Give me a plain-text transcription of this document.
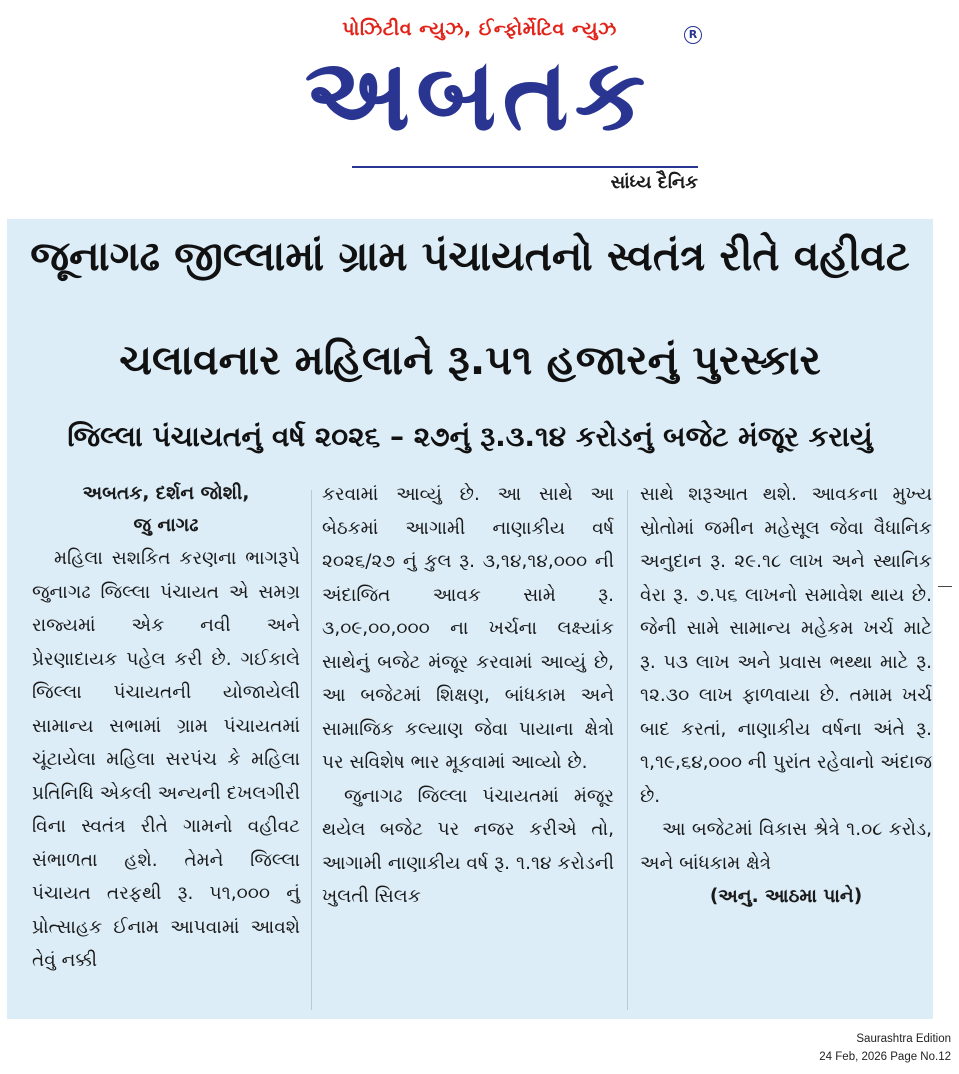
પોઝિટીવ ન્યુઝ, ઈન્ફોર્મેટિવ ન્યુઝ
અબતક
R
સાંધ્ય દૈનિક
જૂનાગઢ જીલ્લામાં ગ્રામ પંચાયતનો સ્વતંત્ર રીતે વહીવટ
ચલાવનાર મહિલાને રૂ.૫૧ હજારનું પુરસ્કાર
જિલ્લા પંચાયતનું વર્ષ ૨૦૨૬ – ૨૭નું રૂ.૩.૧૪ કરોડનું બજેટ મંજૂર કરાયું

અબતક, દર્શન જોશી,

જુ નાગઢ

મહિલા સશકિત કરણના ભાગરૂપે જુનાગઢ જિલ્લા પંચાયત એ સમગ્ર રાજ્યમાં એક નવી અને પ્રેરણાદાયક પહેલ કરી છે. ગઈકાલે જિલ્લા પંચાયતની યોજાયેલી સામાન્ય સભામાં ગ્રામ પંચાયતમાં ચૂંટાયેલા મહિલા સરપંચ કે મહિલા પ્રતિનિધિ એકલી અન્યની દખલગીરી વિના સ્વતંત્ર રીતે ગામનો વહીવટ સંભાળતા હશે. તેમને જિલ્લા પંચાયત તરફથી રૂ. ૫૧,૦૦૦ નું પ્રોત્સાહક ઈનામ આપવામાં આવશે તેવું નક્કી

કરવામાં આવ્યું છે. આ સાથે આ બેઠકમાં આગામી નાણાકીય વર્ષ ૨૦૨૬/૨૭ નું કુલ રૂ. ૩,૧૪,૧૪,૦૦૦ ની અંદાજિત આવક સામે રૂ. ૩,૦૯,૦૦,૦૦૦ ના ખર્ચના લક્ષ્યાંક સાથેનું બજેટ મંજૂર કરવામાં આવ્યું છે, આ બજેટમાં શિક્ષણ, બાંધકામ અને સામાજિક કલ્યાણ જેવા પાયાના ક્ષેત્રો પર સવિશેષ ભાર મૂકવામાં આવ્યો છે.

જુનાગઢ જિલ્લા પંચાયતમાં મંજૂર થયેલ બજેટ પર નજર કરીએ તો, આગામી નાણાકીય વર્ષ રૂ. ૧.૧૪ કરોડની ખુલતી સિલક

સાથે શરૂઆત થશે. આવકના મુખ્ય સ્રોતોમાં જમીન મહેસૂલ જેવા વૈધાનિક અનુદાન રૂ. ૨૯.૧૮ લાખ અને સ્થાનિક વેરા રૂ. ૭.૫૬ લાખનો સમાવેશ થાય છે. જેની સામે સામાન્ય મહેકમ ખર્ચ માટે રૂ. ૫૩ લાખ અને પ્રવાસ ભથ્થા માટે રૂ. ૧૨.૩૦ લાખ ફાળવાયા છે. તમામ ખર્ચ બાદ કરતાં, નાણાકીય વર્ષના અંતે રૂ. ૧,૧૯,૬૪,૦૦૦ ની પુરાંત રહેવાનો અંદાજ છે.

આ બજેટમાં વિકાસ શ્રેત્રે ૧.૦૮ કરોડ, અને બાંધકામ ક્ષેત્રે

(અનુ. આઠમા પાને)

Saurashtra Edition
24 Feb, 2026 Page No.12
